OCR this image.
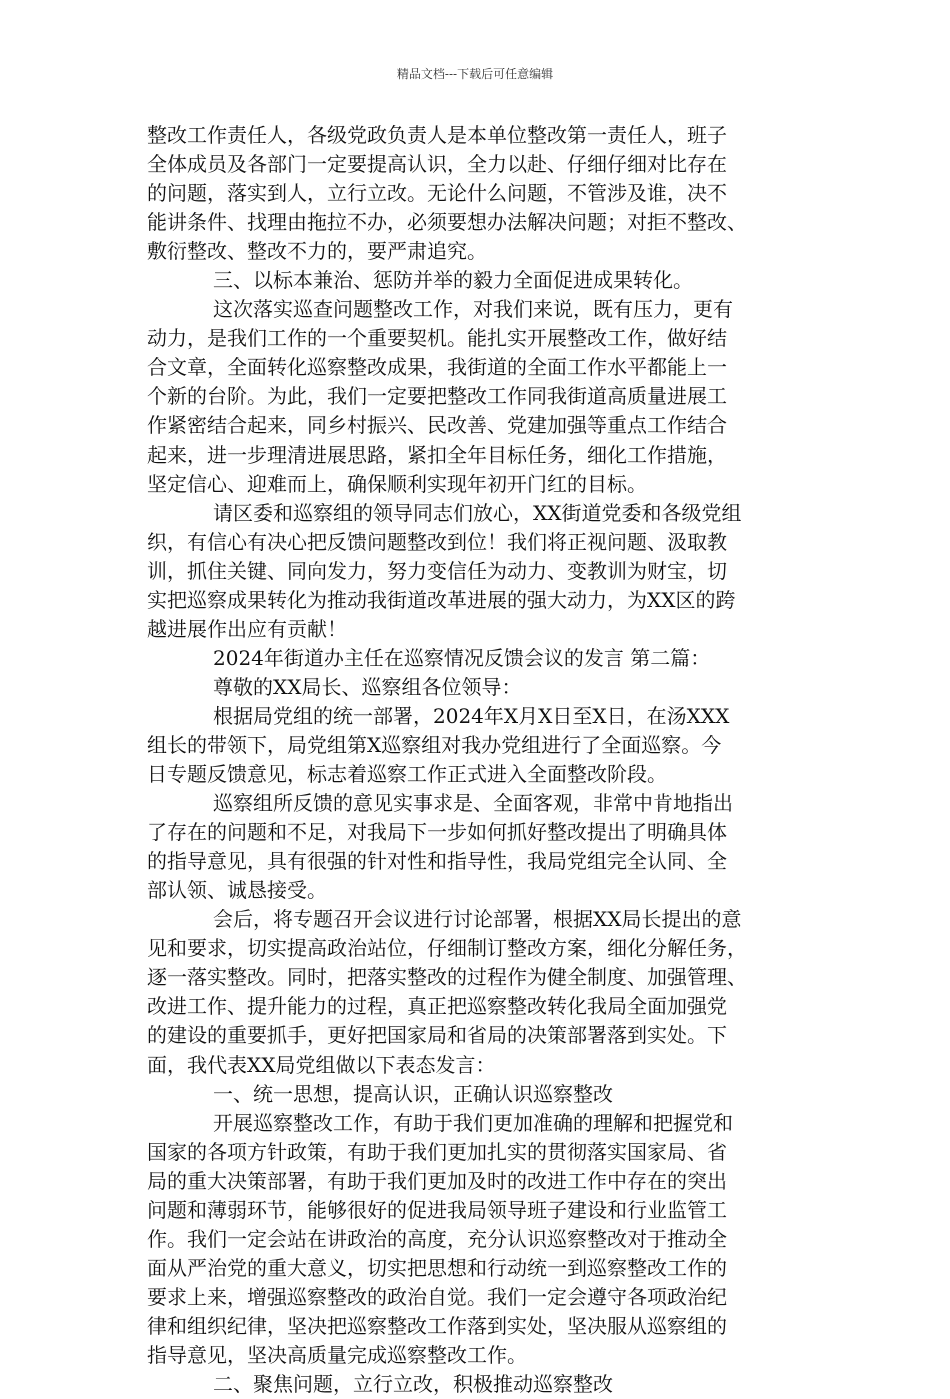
精品文档---下载后可任意编辑
整改工作责任人，各级党政负责人是本单位整改第一责任人，班子
全体成员及各部门一定要提高认识，全力以赴、仔细仔细对比存在
的问题，落实到人，立行立改。无论什么问题，不管涉及谁，决不
能讲条件、找理由拖拉不办，必须要想办法解决问题；对拒不整改、
敷衍整改、整改不力的，要严肃追究。
三、以标本兼治、惩防并举的毅力全面促进成果转化。
这次落实巡查问题整改工作，对我们来说，既有压力，更有
动力，是我们工作的一个重要契机。能扎实开展整改工作，做好结
合文章，全面转化巡察整改成果，我街道的全面工作水平都能上一
个新的台阶。为此，我们一定要把整改工作同我街道高质量进展工
作紧密结合起来，同乡村振兴、民改善、党建加强等重点工作结合
起来，进一步理清进展思路，紧扣全年目标任务，细化工作措施，
坚定信心、迎难而上，确保顺利实现年初开门红的目标。
请区委和巡察组的领导同志们放心，XX街道党委和各级党组
织，有信心有决心把反馈问题整改到位！我们将正视问题、汲取教
训，抓住关键、同向发力，努力变信任为动力、变教训为财宝，切
实把巡察成果转化为推动我街道改革进展的强大动力，为XX区的跨
越进展作出应有贡献！
2024年街道办主任在巡察情况反馈会议的发言 第二篇：
尊敬的XX局长、巡察组各位领导：
根据局党组的统一部署，2024年X月X日至X日，在汤XXX
组长的带领下，局党组第X巡察组对我办党组进行了全面巡察。今
日专题反馈意见，标志着巡察工作正式进入全面整改阶段。
巡察组所反馈的意见实事求是、全面客观，非常中肯地指出
了存在的问题和不足，对我局下一步如何抓好整改提出了明确具体
的指导意见，具有很强的针对性和指导性，我局党组完全认同、全
部认领、诚恳接受。
会后，将专题召开会议进行讨论部署，根据XX局长提出的意
见和要求，切实提高政治站位，仔细制订整改方案，细化分解任务，
逐一落实整改。同时，把落实整改的过程作为健全制度、加强管理、
改进工作、提升能力的过程，真正把巡察整改转化我局全面加强党
的建设的重要抓手，更好把国家局和省局的决策部署落到实处。下
面，我代表XX局党组做以下表态发言：
一、统一思想，提高认识，正确认识巡察整改
开展巡察整改工作，有助于我们更加准确的理解和把握党和
国家的各项方针政策，有助于我们更加扎实的贯彻落实国家局、省
局的重大决策部署，有助于我们更加及时的改进工作中存在的突出
问题和薄弱环节，能够很好的促进我局领导班子建设和行业监管工
作。我们一定会站在讲政治的高度，充分认识巡察整改对于推动全
面从严治党的重大意义，切实把思想和行动统一到巡察整改工作的
要求上来，增强巡察整改的政治自觉。我们一定会遵守各项政治纪
律和组织纪律，坚决把巡察整改工作落到实处，坚决服从巡察组的
指导意见，坚决高质量完成巡察整改工作。
二、聚焦问题，立行立改，积极推动巡察整改
